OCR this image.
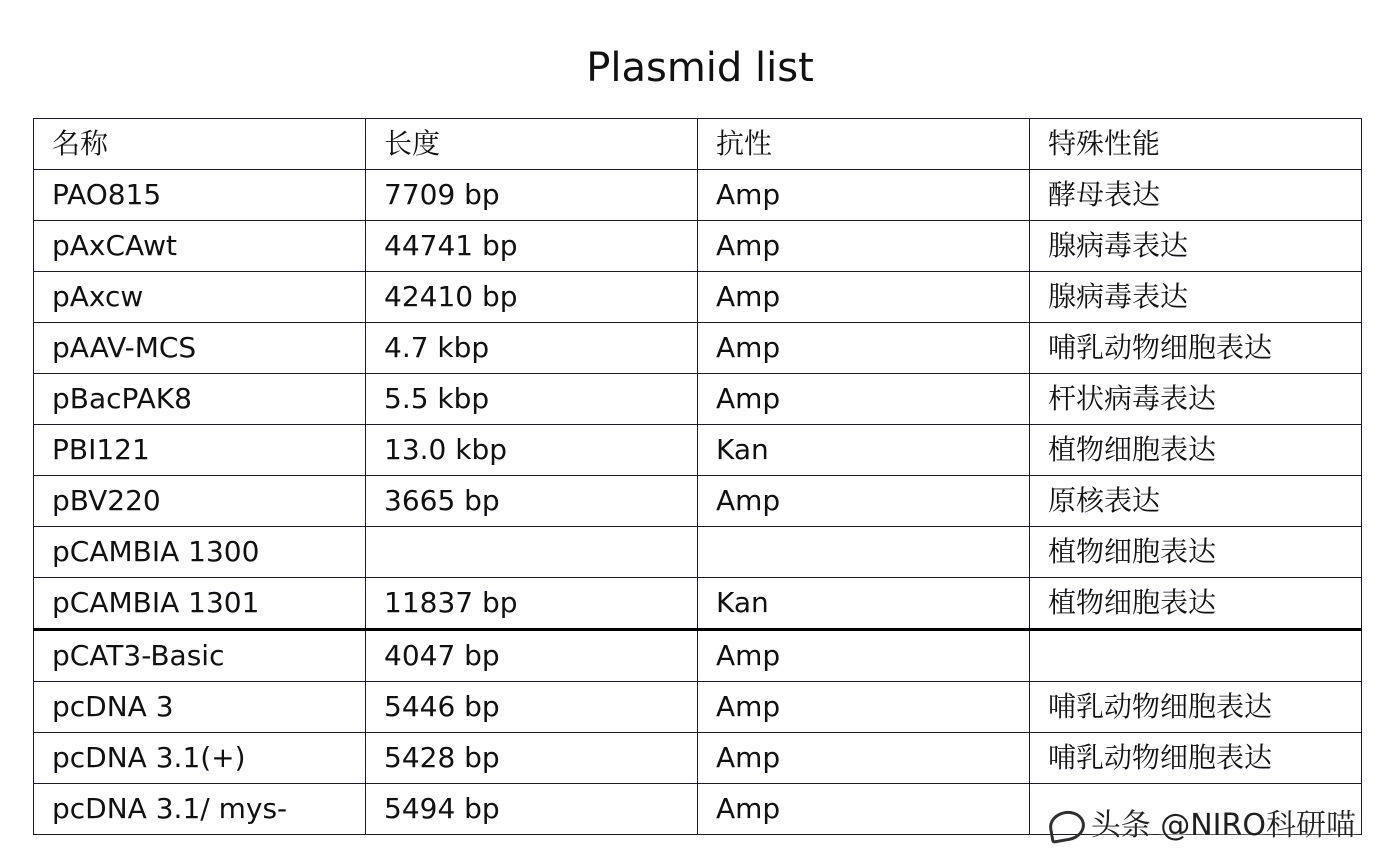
Plasmid list
名称	长度	抗性	特殊性能
PAO815	7709 bp	Amp	酵母表达
pAxCAwt	44741 bp	Amp	腺病毒表达
pAxcw	42410 bp	Amp	腺病毒表达
pAAV-MCS	4.7 kbp	Amp	哺乳动物细胞表达
pBacPAK8	5.5 kbp	Amp	杆状病毒表达
PBI121	13.0 kbp	Kan	植物细胞表达
pBV220	3665 bp	Amp	原核表达
pCAMBIA 1300			植物细胞表达
pCAMBIA 1301	11837 bp	Kan	植物细胞表达
pCAT3-Basic	4047 bp	Amp	
pcDNA 3	5446 bp	Amp	哺乳动物细胞表达
pcDNA 3.1(+)	5428 bp	Amp	哺乳动物细胞表达
pcDNA 3.1/ mys-	5494 bp	Amp		头条 @NIRO科研喵
